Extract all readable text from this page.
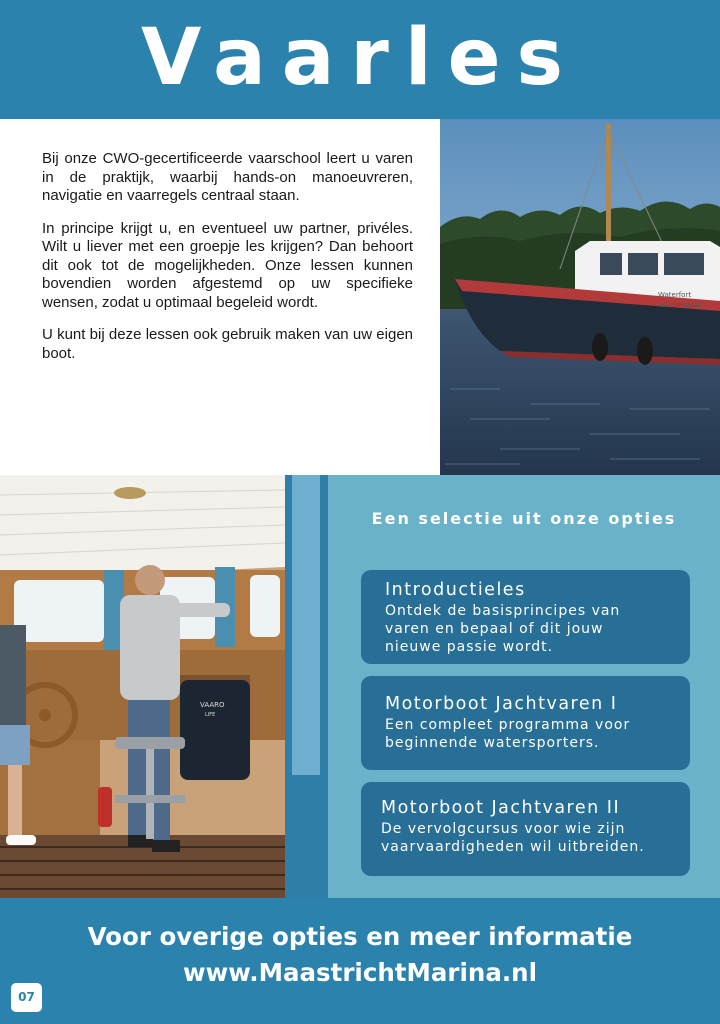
Vaarles

Bij onze CWO-gecertificeerde vaarschool leert u varen in de praktijk, waarbij hands-on manoeuvreren, navigatie en vaarregels centraal staan.

In principe krijgt u, en eventueel uw partner, privéles. Wilt u liever met een groepje les krijgen? Dan behoort dit ook tot de mogelijkheden. Onze lessen kunnen bovendien worden afgestemd op uw specifieke wensen, zodat u optimaal begeleid wordt.

U kunt bij deze lessen ook gebruik maken van uw eigen boot.

Waterfort
vaarcursussen
VAARO
LIFE
Een selectie uit onze opties
Introductieles
Ontdek de basisprincipes van
varen en bepaal of dit jouw
nieuwe passie wordt.
Motorboot Jachtvaren I
Een compleet programma voor
beginnende watersporters.
Motorboot Jachtvaren II
De vervolgcursus voor wie zijn
vaarvaardigheden wil uitbreiden.
Voor overige opties en meer informatie
www.MaastrichtMarina.nl
07
